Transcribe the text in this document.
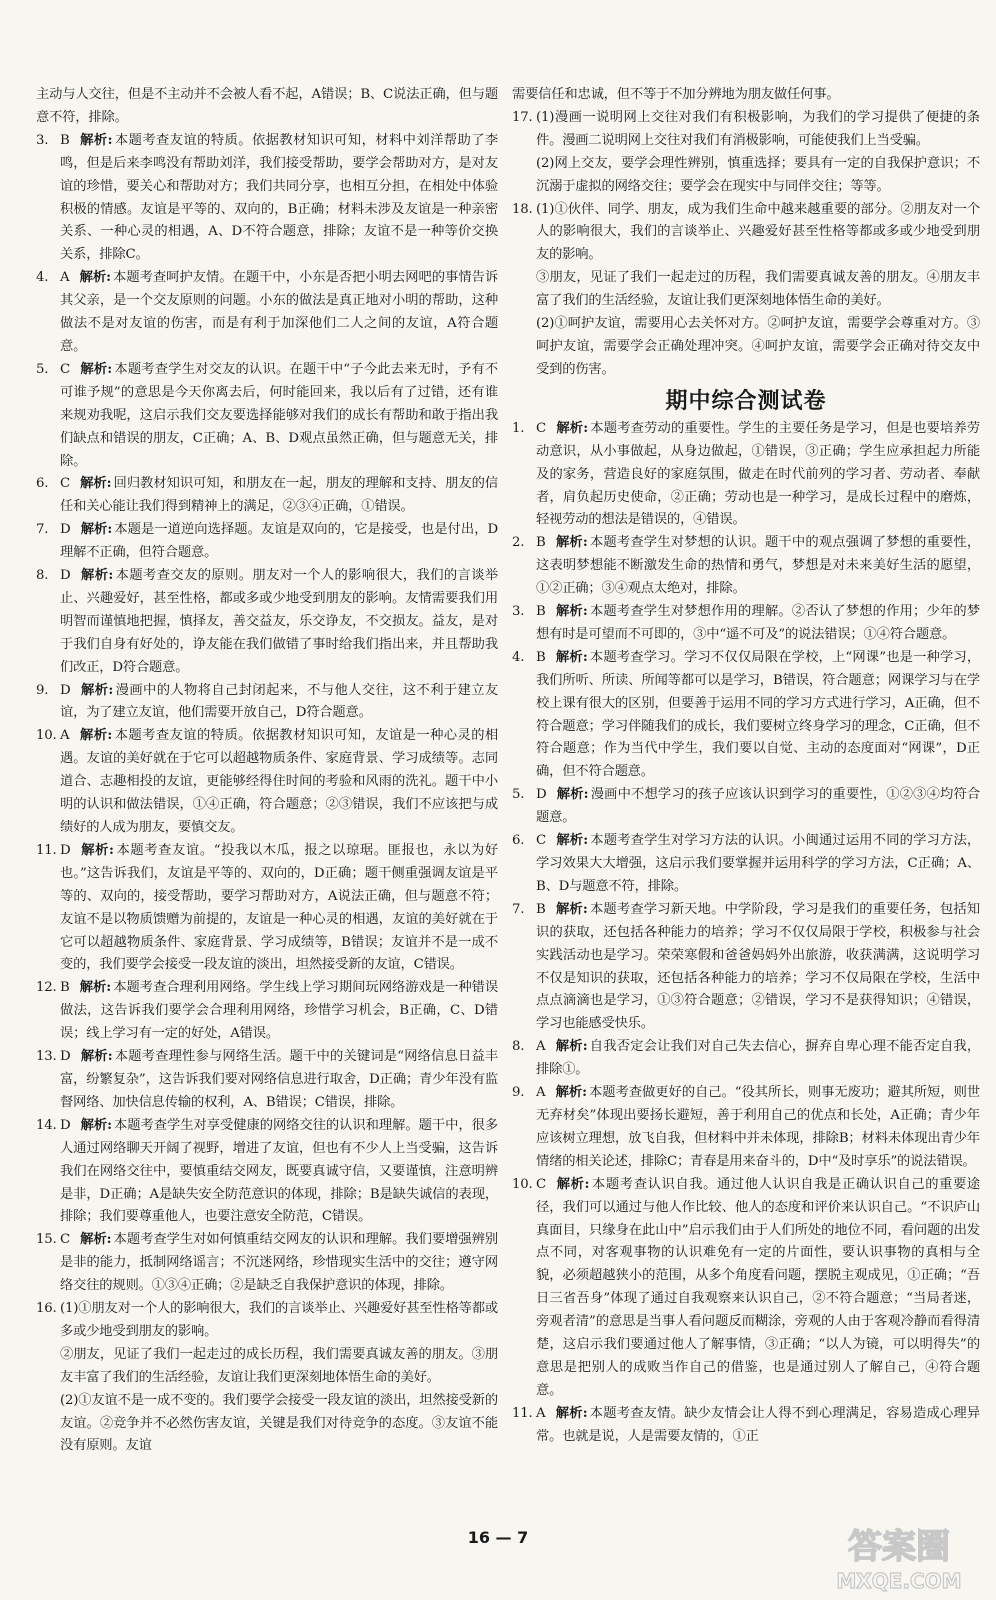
主动与人交往，但是不主动并不会被人看不起，A错误；B、C说法正确，但与题意不符，排除。

3. B 解析: 本题考查友谊的特质。依据教材知识可知，材料中刘洋帮助了李鸣，但是后来李鸣没有帮助刘洋，我们接受帮助，要学会帮助对方，是对友谊的珍惜，要关心和帮助对方；我们共同分享，也相互分担，在相处中体验积极的情感。友谊是平等的、双向的，B正确；材料未涉及友谊是一种亲密关系、一种心灵的相遇，A、D不符合题意，排除；友谊不是一种等价交换关系，排除C。
4. A 解析: 本题考查呵护友情。在题干中，小东是否把小明去网吧的事情告诉其父亲，是一个交友原则的问题。小东的做法是真正地对小明的帮助，这种做法不是对友谊的伤害，而是有利于加深他们二人之间的友谊，A符合题意。
5. C 解析: 本题考查学生对交友的认识。在题干中“子今此去来无时，予有不可谁予规”的意思是今天你离去后，何时能回来，我以后有了过错，还有谁来规劝我呢，这启示我们交友要选择能够对我们的成长有帮助和敢于指出我们缺点和错误的朋友，C正确；A、B、D观点虽然正确，但与题意无关，排除。
6. C 解析: 回归教材知识可知，和朋友在一起，朋友的理解和支持、朋友的信任和关心能让我们得到精神上的满足，②③④正确，①错误。
7. D 解析: 本题是一道逆向选择题。友谊是双向的，它是接受，也是付出，D理解不正确，但符合题意。
8. D 解析: 本题考查交友的原则。朋友对一个人的影响很大，我们的言谈举止、兴趣爱好，甚至性格，都或多或少地受到朋友的影响。友情需要我们用明智而谨慎地把握，慎择友，善交益友，乐交诤友，不交损友。益友，是对于我们自身有好处的，诤友能在我们做错了事时给我们指出来，并且帮助我们改正，D符合题意。
9. D 解析: 漫画中的人物将自己封闭起来，不与他人交往，这不利于建立友谊，为了建立友谊，他们需要开放自己，D符合题意。
10. A 解析: 本题考查友谊的特质。依据教材知识可知，友谊是一种心灵的相遇。友谊的美好就在于它可以超越物质条件、家庭背景、学习成绩等。志同道合、志趣相投的友谊，更能够经得住时间的考验和风雨的洗礼。题干中小明的认识和做法错误，①④正确，符合题意；②③错误，我们不应该把与成绩好的人成为朋友，要慎交友。
11. D 解析: 本题考查友谊。“投我以木瓜，报之以琼琚。匪报也，永以为好也。”这告诉我们，友谊是平等的、双向的，D正确；题干侧重强调友谊是平等的、双向的，接受帮助，要学习帮助对方，A说法正确，但与题意不符；友谊不是以物质馈赠为前提的，友谊是一种心灵的相遇，友谊的美好就在于它可以超越物质条件、家庭背景、学习成绩等，B错误；友谊并不是一成不变的，我们要学会接受一段友谊的淡出，坦然接受新的友谊，C错误。
12. B 解析: 本题考查合理利用网络。学生线上学习期间玩网络游戏是一种错误做法，这告诉我们要学会合理利用网络，珍惜学习机会，B正确，C、D错误；线上学习有一定的好处，A错误。
13. D 解析: 本题考查理性参与网络生活。题干中的关键词是“网络信息日益丰富，纷繁复杂”，这告诉我们要对网络信息进行取舍，D正确；青少年没有监督网络、加快信息传输的权利，A、B错误；C错误，排除。
14. D 解析: 本题考查学生对享受健康的网络交往的认识和理解。题干中，很多人通过网络聊天开阔了视野，增进了友谊，但也有不少人上当受骗，这告诉我们在网络交往中，要慎重结交网友，既要真诚守信，又要谨慎，注意明辨是非，D正确；A是缺失安全防范意识的体现，排除；B是缺失诚信的表现，排除；我们要尊重他人，也要注意安全防范，C错误。
15. C 解析: 本题考查学生对如何慎重结交网友的认识和理解。我们要增强辨别是非的能力，抵制网络谣言；不沉迷网络，珍惜现实生活中的交往；遵守网络交往的规则。①③④正确；②是缺乏自我保护意识的体现，排除。
16. (1)①朋友对一个人的影响很大，我们的言谈举止、兴趣爱好甚至性格等都或多或少地受到朋友的影响。

②朋友，见证了我们一起走过的成长历程，我们需要真诚友善的朋友。③朋友丰富了我们的生活经验，友谊让我们更深刻地体悟生命的美好。

(2)①友谊不是一成不变的。我们要学会接受一段友谊的淡出，坦然接受新的友谊。②竞争并不必然伤害友谊，关键是我们对待竞争的态度。③友谊不能没有原则。友谊

需要信任和忠诚，但不等于不加分辨地为朋友做任何事。

17. (1)漫画一说明网上交往对我们有积极影响，为我们的学习提供了便捷的条件。漫画二说明网上交往对我们有消极影响，可能使我们上当受骗。
(2)网上交友，要学会理性辨别，慎重选择；要具有一定的自我保护意识；不沉溺于虚拟的网络交往；要学会在现实中与同伴交往；等等。
18. (1)①伙伴、同学、朋友，成为我们生命中越来越重要的部分。②朋友对一个人的影响很大，我们的言谈举止、兴趣爱好甚至性格等都或多或少地受到朋友的影响。
③朋友，见证了我们一起走过的历程，我们需要真诚友善的朋友。④朋友丰富了我们的生活经验，友谊让我们更深刻地体悟生命的美好。
(2)①呵护友谊，需要用心去关怀对方。②呵护友谊，需要学会尊重对方。③呵护友谊，需要学会正确处理冲突。④呵护友谊，需要学会正确对待交友中受到的伤害。
期中综合测试卷
1. C 解析: 本题考查劳动的重要性。学生的主要任务是学习，但是也要培养劳动意识，从小事做起，从身边做起，①错误，③正确；学生应承担起力所能及的家务，营造良好的家庭氛围，做走在时代前列的学习者、劳动者、奉献者，肩负起历史使命，②正确；劳动也是一种学习，是成长过程中的磨炼，轻视劳动的想法是错误的，④错误。
2. B 解析: 本题考查学生对梦想的认识。题干中的观点强调了梦想的重要性，这表明梦想能不断激发生命的热情和勇气，梦想是对未来美好生活的愿望，①②正确；③④观点太绝对，排除。
3. B 解析: 本题考查学生对梦想作用的理解。②否认了梦想的作用；少年的梦想有时是可望而不可即的，③中“遥不可及”的说法错误；①④符合题意。
4. B 解析: 本题考查学习。学习不仅仅局限在学校，上“网课”也是一种学习，我们所听、所读、所闻等都可以是学习，B错误，符合题意；网课学习与在学校上课有很大的区别，但要善于运用不同的学习方式进行学习，A正确，但不符合题意；学习伴随我们的成长，我们要树立终身学习的理念，C正确，但不符合题意；作为当代中学生，我们要以自觉、主动的态度面对“网课”，D正确，但不符合题意。
5. D 解析: 漫画中不想学习的孩子应该认识到学习的重要性，①②③④均符合题意。
6. C 解析: 本题考查学生对学习方法的认识。小闽通过运用不同的学习方法，学习效果大大增强，这启示我们要掌握并运用科学的学习方法，C正确；A、B、D与题意不符，排除。
7. B 解析: 本题考查学习新天地。中学阶段，学习是我们的重要任务，包括知识的获取，还包括各种能力的培养；学习不仅仅局限于学校，积极参与社会实践活动也是学习。荣荣寒假和爸爸妈妈外出旅游，收获满满，这说明学习不仅是知识的获取，还包括各种能力的培养；学习不仅局限在学校，生活中点点滴滴也是学习，①③符合题意；②错误，学习不是获得知识；④错误，学习也能感受快乐。
8. A 解析: 自我否定会让我们对自己失去信心，摒弃自卑心理不能否定自我，排除①。
9. A 解析: 本题考查做更好的自己。“役其所长，则事无废功；避其所短，则世无弃材矣”体现出要扬长避短，善于利用自己的优点和长处，A正确；青少年应该树立理想，放飞自我，但材料中并未体现，排除B；材料未体现出青少年情绪的相关论述，排除C；青春是用来奋斗的，D中“及时享乐”的说法错误。
10. C 解析: 本题考查认识自我。通过他人认识自我是正确认识自己的重要途径，我们可以通过与他人作比较、他人的态度和评价来认识自己。“不识庐山真面目，只缘身在此山中”启示我们由于人们所处的地位不同，看问题的出发点不同，对客观事物的认识难免有一定的片面性，要认识事物的真相与全貌，必须超越狭小的范围，从多个角度看问题，摆脱主观成见，①正确；“吾日三省吾身”体现了通过自我观察来认识自己，②不符合题意；“当局者迷，旁观者清”的意思是当事人看问题反而糊涂，旁观的人由于客观冷静而看得清楚，这启示我们要通过他人了解事情，③正确；“以人为镜，可以明得失”的意思是把别人的成败当作自己的借鉴，也是通过别人了解自己，④符合题意。
11. A 解析: 本题考查友情。缺少友情会让人得不到心理满足，容易造成心理异常。也就是说，人是需要友情的，①正
16 — 7	答案圈
MXQE.COM
